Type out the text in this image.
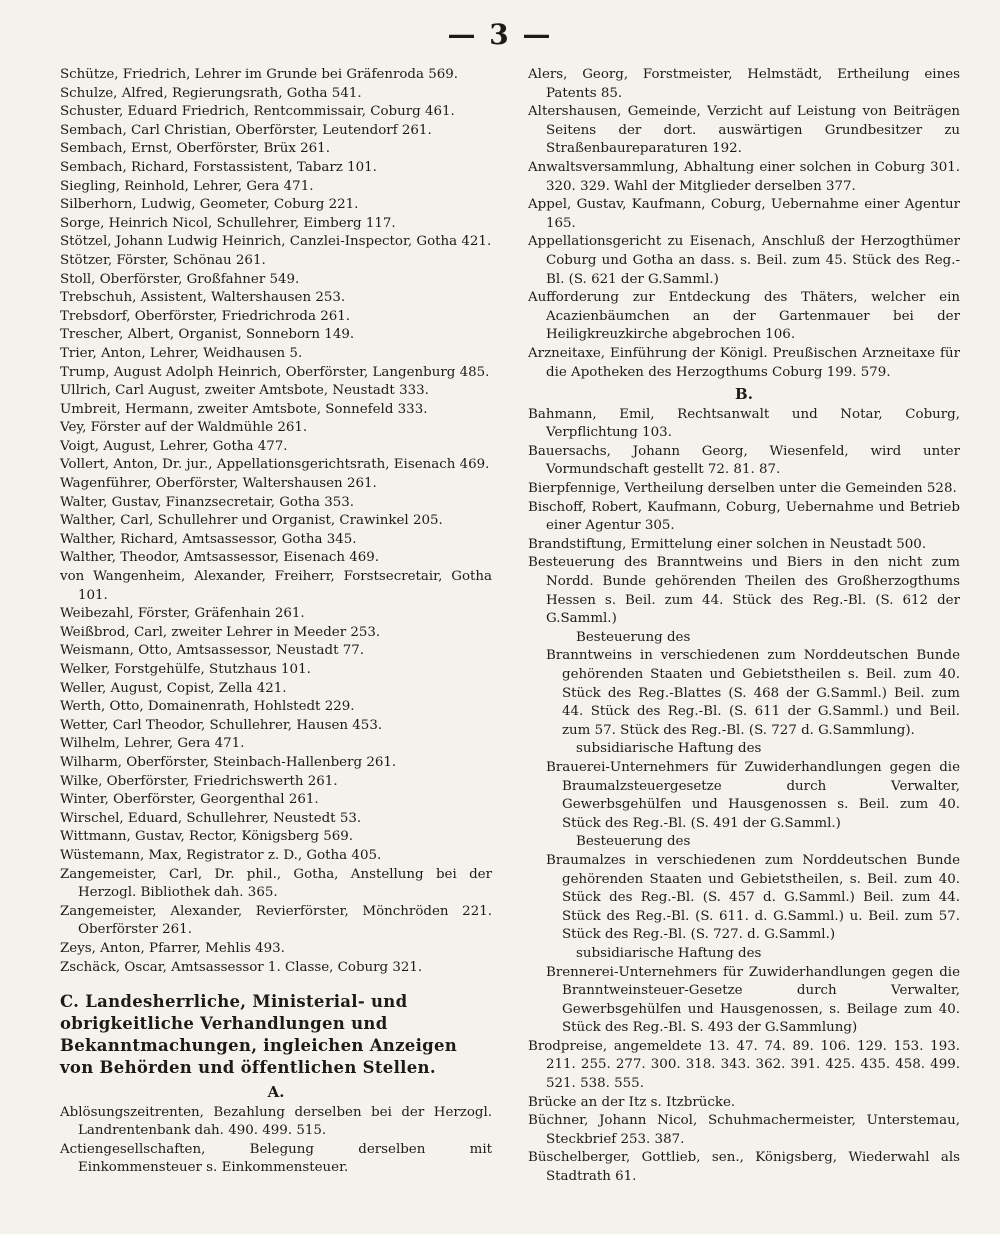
— 3 —

Schütze, Friedrich, Lehrer im Grunde bei Gräfenroda 569.

Schulze, Alfred, Regierungsrath, Gotha 541.

Schuster, Eduard Friedrich, Rentcommissair, Coburg 461.

Sembach, Carl Christian, Oberförster, Leutendorf 261.

Sembach, Ernst, Oberförster, Brüx 261.

Sembach, Richard, Forstassistent, Tabarz 101.

Siegling, Reinhold, Lehrer, Gera 471.

Silberhorn, Ludwig, Geometer, Coburg 221.

Sorge, Heinrich Nicol, Schullehrer, Eimberg 117.

Stötzel, Johann Ludwig Heinrich, Canzlei-Inspector, Gotha 421.

Stötzer, Förster, Schönau 261.

Stoll, Oberförster, Großfahner 549.

Trebschuh, Assistent, Waltershausen 253.

Trebsdorf, Oberförster, Friedrichroda 261.

Trescher, Albert, Organist, Sonneborn 149.

Trier, Anton, Lehrer, Weidhausen 5.

Trump, August Adolph Heinrich, Oberförster, Langenburg 485.

Ullrich, Carl August, zweiter Amtsbote, Neustadt 333.

Umbreit, Hermann, zweiter Amtsbote, Sonnefeld 333.

Vey, Förster auf der Waldmühle 261.

Voigt, August, Lehrer, Gotha 477.

Vollert, Anton, Dr. jur., Appellationsgerichtsrath, Eisenach 469.

Wagenführer, Oberförster, Waltershausen 261.

Walter, Gustav, Finanzsecretair, Gotha 353.

Walther, Carl, Schullehrer und Organist, Crawinkel 205.

Walther, Richard, Amtsassessor, Gotha 345.

Walther, Theodor, Amtsassessor, Eisenach 469.

von Wangenheim, Alexander, Freiherr, Forstsecretair, Gotha 101.

Weibezahl, Förster, Gräfenhain 261.

Weißbrod, Carl, zweiter Lehrer in Meeder 253.

Weismann, Otto, Amtsassessor, Neustadt 77.

Welker, Forstgehülfe, Stutzhaus 101.

Weller, August, Copist, Zella 421.

Werth, Otto, Domainenrath, Hohlstedt 229.

Wetter, Carl Theodor, Schullehrer, Hausen 453.

Wilhelm, Lehrer, Gera 471.

Wilharm, Oberförster, Steinbach-Hallenberg 261.

Wilke, Oberförster, Friedrichswerth 261.

Winter, Oberförster, Georgenthal 261.

Wirschel, Eduard, Schullehrer, Neustedt 53.

Wittmann, Gustav, Rector, Königsberg 569.

Wüstemann, Max, Registrator z. D., Gotha 405.

Zangemeister, Carl, Dr. phil., Gotha, Anstellung bei der Herzogl. Bibliothek dah. 365.

Zangemeister, Alexander, Revierförster, Mönchröden 221. Oberförster 261.

Zeys, Anton, Pfarrer, Mehlis 493.

Zschäck, Oscar, Amtsassessor 1. Classe, Coburg 321.

C. Landesherrliche, Ministerial- und obrigkeitliche Verhandlungen und Bekanntmachungen, ingleichen Anzeigen von Behörden und öffentlichen Stellen.
A.

Ablösungszeitrenten, Bezahlung derselben bei der Herzogl. Landrentenbank dah. 490. 499. 515.

Actiengesellschaften, Belegung derselben mit Einkommensteuer s. Einkommensteuer.

Alers, Georg, Forstmeister, Helmstädt, Ertheilung eines Patents 85.

Altershausen, Gemeinde, Verzicht auf Leistung von Beiträgen Seitens der dort. auswärtigen Grundbesitzer zu Straßenbaureparaturen 192.

Anwaltsversammlung, Abhaltung einer solchen in Coburg 301. 320. 329. Wahl der Mitglieder derselben 377.

Appel, Gustav, Kaufmann, Coburg, Uebernahme einer Agentur 165.

Appellationsgericht zu Eisenach, Anschluß der Herzogthümer Coburg und Gotha an dass. s. Beil. zum 45. Stück des Reg.-Bl. (S. 621 der G.Samml.)

Aufforderung zur Entdeckung des Thäters, welcher ein Acazienbäumchen an der Gartenmauer bei der Heiligkreuzkirche abgebrochen 106.

Arzneitaxe, Einführung der Königl. Preußischen Arzneitaxe für die Apotheken des Herzogthums Coburg 199. 579.

B.

Bahmann, Emil, Rechtsanwalt und Notar, Coburg, Verpflichtung 103.

Bauersachs, Johann Georg, Wiesenfeld, wird unter Vormundschaft gestellt 72. 81. 87.

Bierpfennige, Vertheilung derselben unter die Gemeinden 528.

Bischoff, Robert, Kaufmann, Coburg, Uebernahme und Betrieb einer Agentur 305.

Brandstiftung, Ermittelung einer solchen in Neustadt 500.

Besteuerung des Branntweins und Biers in den nicht zum Nordd. Bunde gehörenden Theilen des Großherzogthums Hessen s. Beil. zum 44. Stück des Reg.-Bl. (S. 612 der G.Samml.)

Besteuerung des

Branntweins in verschiedenen zum Norddeutschen Bunde gehörenden Staaten und Gebietstheilen s. Beil. zum 40. Stück des Reg.-Blattes (S. 468 der G.Samml.) Beil. zum 44. Stück des Reg.-Bl. (S. 611 der G.Samml.) und Beil. zum 57. Stück des Reg.-Bl. (S. 727 d. G.Sammlung).

subsidiarische Haftung des

Brauerei-Unternehmers für Zuwiderhandlungen gegen die Braumalzsteuergesetze durch Verwalter, Gewerbsgehülfen und Hausgenossen s. Beil. zum 40. Stück des Reg.-Bl. (S. 491 der G.Samml.)

Besteuerung des

Braumalzes in verschiedenen zum Norddeutschen Bunde gehörenden Staaten und Gebietstheilen, s. Beil. zum 40. Stück des Reg.-Bl. (S. 457 d. G.Samml.) Beil. zum 44. Stück des Reg.-Bl. (S. 611. d. G.Samml.) u. Beil. zum 57. Stück des Reg.-Bl. (S. 727. d. G.Samml.)

subsidiarische Haftung des

Brennerei-Unternehmers für Zuwiderhandlungen gegen die Branntweinsteuer-Gesetze durch Verwalter, Gewerbsgehülfen und Hausgenossen, s. Beilage zum 40. Stück des Reg.-Bl. S. 493 der G.Sammlung)

Brodpreise, angemeldete 13. 47. 74. 89. 106. 129. 153. 193. 211. 255. 277. 300. 318. 343. 362. 391. 425. 435. 458. 499. 521. 538. 555.

Brücke an der Itz s. Itzbrücke.

Büchner, Johann Nicol, Schuhmachermeister, Unterstemau, Steckbrief 253. 387.

Büschelberger, Gottlieb, sen., Königsberg, Wiederwahl als Stadtrath 61.
